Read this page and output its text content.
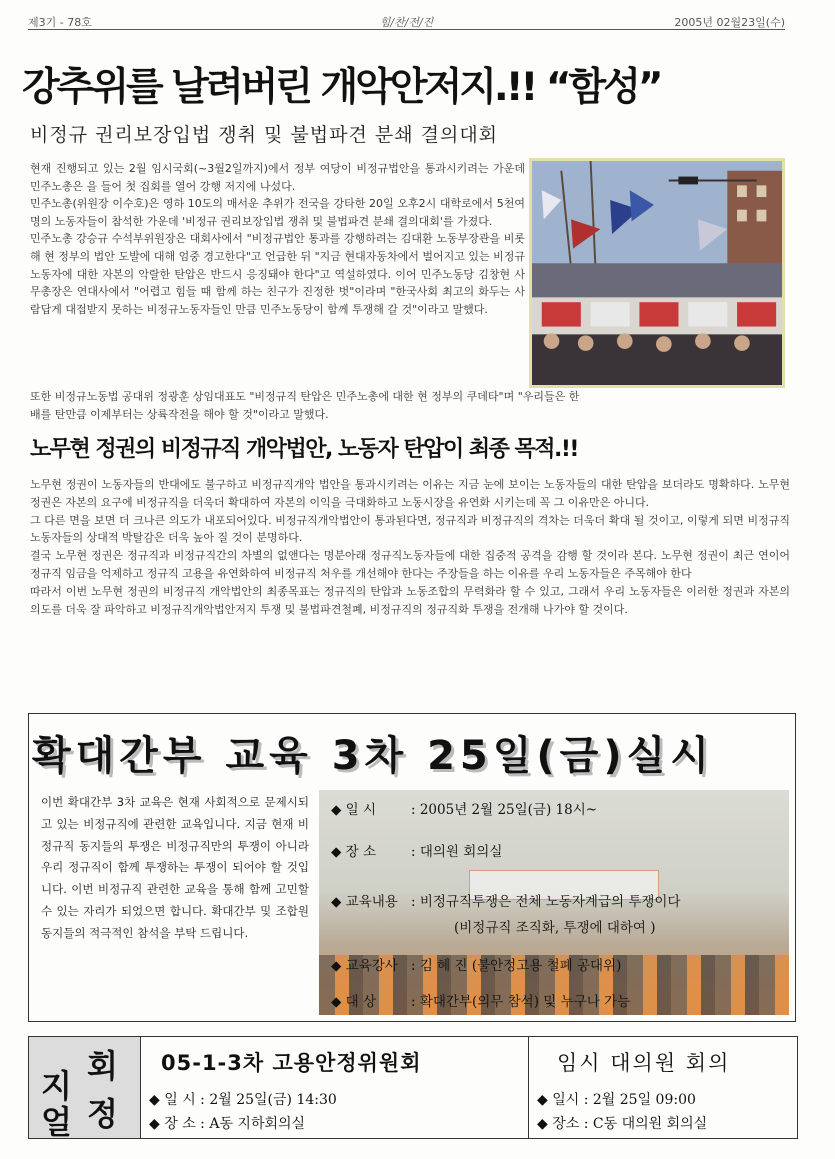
제3기 - 78호	힘/찬/전/진	2005년 02월23일(수)
강추위를 날려버린 개악안저지.!! “함성”
비정규 권리보장입법 쟁취 및 불법파견 분쇄 결의대회

현재 진행되고 있는 2월 임시국회(~3월2일까지)에서 정부 여당이 비정규법안을 통과시키려는 가운데 민주노총은 을 들어 첫 집회를 열어 강행 저지에 나섰다.

민주노총(위원장 이수호)은 영하 10도의 매서운 추위가 전국을 강타한 20일 오후2시 대학로에서 5천여 명의 노동자들이 참석한 가운데 '비정규 권리보장입법 쟁취 및 불법파견 분쇄 결의대회'를 가졌다.

민주노총 강승규 수석부위원장은 대회사에서 "비정규법안 통과를 강행하려는 김대환 노동부장관을 비롯해 현 정부의 법안 도발에 대해 엄중 경고한다"고 언급한 뒤 "지금 현대자동차에서 벌어지고 있는 비정규노동자에 대한 자본의 악랄한 탄압은 반드시 응징돼야 한다"고 역설하였다. 이어 민주노동당 김창현 사무총장은 연대사에서 "어렵고 힘들 때 함께 하는 친구가 진정한 벗"이라며 "한국사회 최고의 화두는 사람답게 대접받지 못하는 비정규노동자들인 만큼 민주노동당이 함께 투쟁해 갈 것"이라고 말했다.

또한 비정규노동법 공대위 정광훈 상임대표도 "비정규직 탄압은 민주노총에 대한 현 정부의 쿠데타"며 "우리들은 한 배를 탄만큼 이제부터는 상륙작전을 해야 할 것"이라고 말했다.
노무현 정권의 비정규직 개악법안, 노동자 탄압이 최종 목적.!!

노무현 정권이 노동자들의 반대에도 불구하고 비정규직개악 법안을 통과시키려는 이유는 지금 눈에 보이는 노동자들의 대한 탄압을 보더라도 명확하다. 노무현 정권은 자본의 요구에 비정규직을 더욱더 확대하여 자본의 이익을 극대화하고 노동시장을 유연화 시키는데 꼭 그 이유만은 아니다.

그 다른 면을 보면 더 크나큰 의도가 내포되어있다. 비정규직개악법안이 통과된다면, 정규직과 비정규직의 격차는 더욱더 확대 될 것이고, 이렇게 되면 비정규직노동자들의 상대적 박탈감은 더욱 높아 질 것이 분명하다.

결국 노무현 정권은 정규직과 비정규직간의 차별의 없앤다는 명분아래 정규직노동자들에 대한 집중적 공격을 감행 할 것이라 본다. 노무현 정권이 최근 연이어 정규직 임금을 억제하고 정규직 고용을 유연화하여 비정규직 처우를 개선해야 한다는 주장들을 하는 이유를 우리 노동자들은 주목해야 한다

따라서 이번 노무현 정권의 비정규직 개악법안의 최종목표는 정규직의 탄압과 노동조합의 무력화라 할 수 있고, 그래서 우리 노동자들은 이러한 정권과 자본의 의도를 더욱 잘 파악하고 비정규직개악법안저지 투쟁 및 불법파견철폐, 비정규직의 정규직화 투쟁을 전개해 나가야 할 것이다.

확대간부 교육 3차 25일(금)실시
이번 확대간부 3차 교육은 현재 사회적으로 문제시되고 있는 비정규직에 관련한 교육입니다. 지금 현재 비정규직 동지들의 투쟁은 비정규직만의 투쟁이 아니라 우리 정규직이 함께 투쟁하는 투쟁이 되어야 할 것입니다. 이번 비정규직 관련한 교육을 통해 함께 고민할 수 있는 자리가 되었으면 합니다. 확대간부 및 조합원 동지들의 적극적인 참석을 부탁 드립니다.
◆ 일 시	: 2005년 2월 25일(금) 18시~
◆ 장 소	: 대의원 회의실
◆ 교육내용 : 비정규직투쟁은 전체 노동자계급의 투쟁이다
(비정규직 조직화, 투쟁에 대하여 )
◆ 교육강사 : 김 혜 진 (불안정고용 철폐 공대위)
◆ 대 상	: 확대간부(의무 참석) 및 누구나 가능
회
지
정
얼
05-1-3차 고용안정위원회
◆ 일 시 : 2월 25일(금) 14:30
◆ 장 소 : A동 지하회의실
임시 대의원 회의
◆ 일시 : 2월 25일 09:00
◆ 장소 : C동 대의원 회의실
